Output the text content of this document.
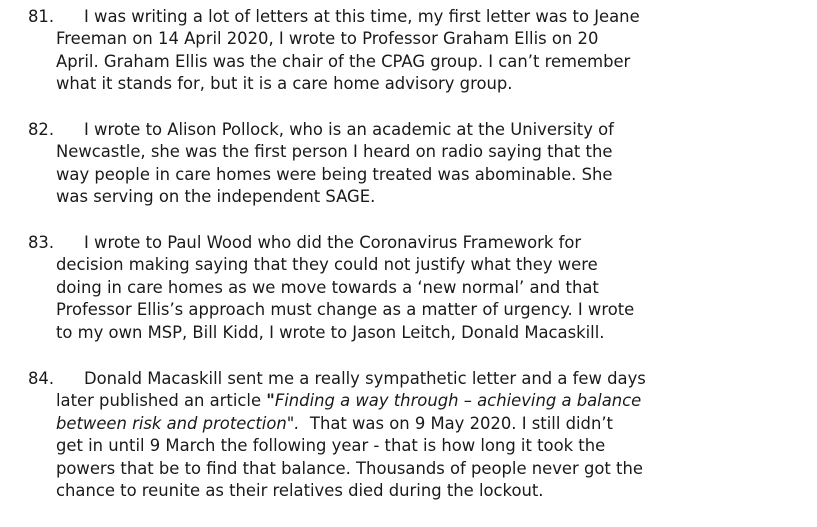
81. I was writing a lot of letters at this time, my first letter was to Jeane
Freeman on 14 April 2020, I wrote to Professor Graham Ellis on 20
April. Graham Ellis was the chair of the CPAG group. I can’t remember
what it stands for, but it is a care home advisory group.
82. I wrote to Alison Pollock, who is an academic at the University of
Newcastle, she was the first person I heard on radio saying that the
way people in care homes were being treated was abominable. She
was serving on the independent SAGE.
83. I wrote to Paul Wood who did the Coronavirus Framework for
decision making saying that they could not justify what they were
doing in care homes as we move towards a ‘new normal’ and that
Professor Ellis’s approach must change as a matter of urgency. I wrote
to my own MSP, Bill Kidd, I wrote to Jason Leitch, Donald Macaskill.
84. Donald Macaskill sent me a really sympathetic letter and a few days
later published an article "Finding a way through – achieving a balance
between risk and protection".  That was on 9 May 2020. I still didn’t
get in until 9 March the following year - that is how long it took the
powers that be to find that balance. Thousands of people never got the
chance to reunite as their relatives died during the lockout.
